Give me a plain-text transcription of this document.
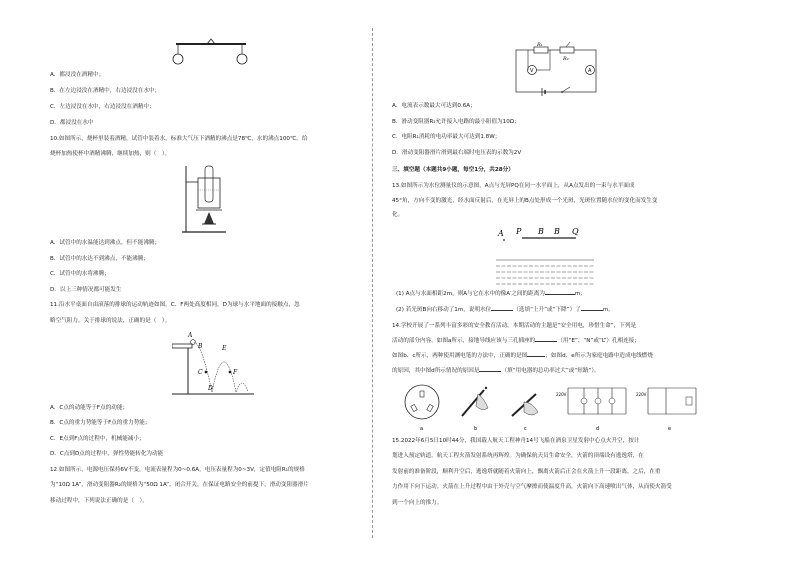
A．都浸没在酒精中；
B．在左边浸没在酒精中，右边浸没在水中；
C．左边浸没在水中，右边浸没在酒精中；
D．都浸没在水中
10.如图所示，烧杯里装着酒精，试管中装着水，标准大气压下酒精的沸点是78℃，水的沸点100℃。给
烧杯加热使杯中酒精沸腾，继续加热，则（　）。
A．试管中的水温能达到沸点，但不能沸腾；
B．试管中的水达不到沸点，不能沸腾；
C．试管中的水将沸腾；
D．以上三种情况都可能发生
11.沿水平桌面自由滚落的排球的运动轨迹如图，C、F两处高度相同，D为球与水平地面的接触点，忽
略空气阻力，关于排球的说法，正确的是（　）。
A
B
C
D
E
F
A．C点的动能等于F点的动能；
B．C点的重力势能等于F点的重力势能；
C．E点到F点的过程中，机械能减小；
D．C点到D点的过程中，弹性势能转化为动能
12.如图所示，电源电压保持6V不变，电流表量程为0~0.6A，电压表量程为0~3V，定值电阻R₁的规格
为“10Ω 1A”，滑动变阻器R₂的规格为“50Ω 1A”。闭合开关，在保证电路安全的前提下，滑动变阻器滑片
移动过程中，下列说法正确的是（　）。
R₁
R₂
V	A
A．电流表示数最大可达到0.6A；
B．滑动变阻器R₂允许接入电路的最小阻值为10Ω；
C．电阻R₁消耗的电功率最大可达到1.8W；
D．滑动变阻器滑片滑到最右端时电压表的示数为2V
三、填空题（本题共9小题，每空1分，共28分）
13.如图所示为水位测量仪的示意图，A点与光屏PQ在同一水平面上，从A点发出的一束与水平面成
45°角，方向不变的激光，经水面反射后，在光屏上的B点处形成一个光斑，光斑位置随水位的变化而发生变
化。
A P B B Q
(1) A点与水面相距2m，则A与它在水中的像A′之间的距离为	m；
(2) 若光斑B向右移动了1m，说明水位	（选填“上升”或“下降”）了	m。
14.学校开展了一系列丰富多彩的安全教育活动，本期活动的主题是“安全用电，珍惜生命”，下列是
活动的部分内容。如图a所示，接地导线应该与三孔插座的	（用“E”、“N”或“L”）孔相连接；
如图b、c所示，两种使用测电笔的方法中，正确的是图	；如图d、e所示为家庭电路中造成电线燃烧
的原因，其中图d所示情况的原因是	（填“用电器的总功率过大”或“短路”）。
a	b	c
220V
d
220V
e
15.2022年6月5日10时44分，我国载人航天工程神舟14号飞船在酒泉卫星发射中心点火升空，按计
划进入预定轨道，航天工程火箭发射系统再辉煌。为确保航天员生命安全，火箭的顶端设有逃逸塔，在
发射前的准备阶段，顺利升空后，逃逸塔就随着火箭向上，飘离火箭后正会在火箭上升一段距离，之后，在重
力作用下向下运动。火箭在上升过程中由于外壳与空气摩擦而使温度升高，火箭向下高速喷出气体，从而使火箭受
到一个向上的推力。
